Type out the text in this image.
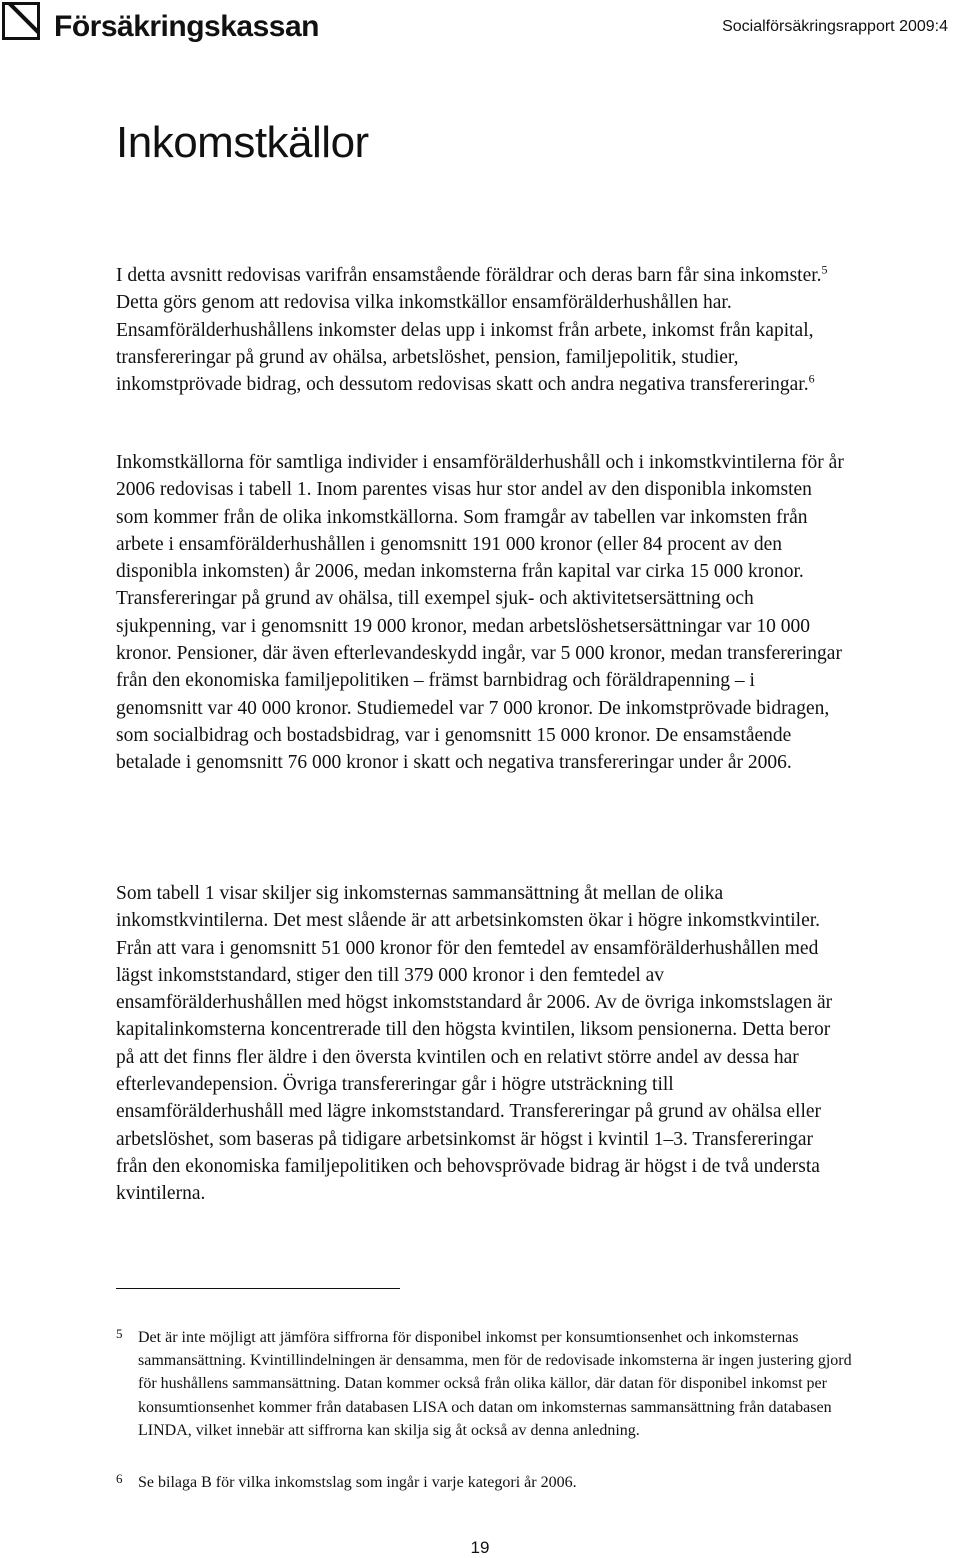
Försäkringskassan	Socialförsäkringsrapport 2009:4
Inkomstkällor

I detta avsnitt redovisas varifrån ensamstående föräldrar och deras barn får sina inkomster.$^5$ Detta görs genom att redovisa vilka inkomstkällor ensamförälderhushållen har. Ensamförälderhushållens inkomster delas upp i inkomst från arbete, inkomst från kapital, transfereringar på grund av ohälsa, arbetslöshet, pension, familjepolitik, studier, inkomstprövade bidrag, och dessutom redovisas skatt och andra negativa transfereringar.$^6$

Inkomstkällorna för samtliga individer i ensamförälderhushåll och i inkomstkvintilerna för år 2006 redovisas i tabell 1. Inom parentes visas hur stor andel av den disponibla inkomsten som kommer från de olika inkomstkällorna. Som framgår av tabellen var inkomsten från arbete i ensamförälderhushållen i genomsnitt 191 000 kronor (eller 84 procent av den disponibla inkomsten) år 2006, medan inkomsterna från kapital var cirka 15 000 kronor. Transfereringar på grund av ohälsa, till exempel sjuk- och aktivitetsersättning och sjukpenning, var i genomsnitt 19 000 kronor, medan arbetslöshetsersättningar var 10 000 kronor. Pensioner, där även efterlevandeskydd ingår, var 5 000 kronor, medan transfereringar från den ekonomiska familjepolitiken – främst barnbidrag och föräldrapenning – i genomsnitt var 40 000 kronor. Studiemedel var 7 000 kronor. De inkomstprövade bidragen, som socialbidrag och bostadsbidrag, var i genomsnitt 15 000 kronor. De ensamstående betalade i genomsnitt 76 000 kronor i skatt och negativa transfereringar under år 2006.

Som tabell 1 visar skiljer sig inkomsternas sammansättning åt mellan de olika inkomstkvintilerna. Det mest slående är att arbetsinkomsten ökar i högre inkomstkvintiler. Från att vara i genomsnitt 51 000 kronor för den femtedel av ensamförälderhushållen med lägst inkomststandard, stiger den till 379 000 kronor i den femtedel av ensamförälderhushållen med högst inkomststandard år 2006. Av de övriga inkomstslagen är kapitalinkomsterna koncentrerade till den högsta kvintilen, liksom pensionerna. Detta beror på att det finns fler äldre i den översta kvintilen och en relativt större andel av dessa har efterlevandepension. Övriga transfereringar går i högre utsträckning till ensamförälderhushåll med lägre inkomststandard. Transfereringar på grund av ohälsa eller arbetslöshet, som baseras på tidigare arbetsinkomst är högst i kvintil 1–3. Transfereringar från den ekonomiska familjepolitiken och behovsprövade bidrag är högst i de två understa kvintilerna.

5 Det är inte möjligt att jämföra siffrorna för disponibel inkomst per konsumtionsenhet och inkomsternas sammansättning. Kvintillindelningen är densamma, men för de redovisade inkomsterna är ingen justering gjord för hushållens sammansättning. Datan kommer också från olika källor, där datan för disponibel inkomst per konsumtionsenhet kommer från databasen LISA och datan om inkomsternas sammansättning från databasen LINDA, vilket innebär att siffrorna kan skilja sig åt också av denna anledning.

6 Se bilaga B för vilka inkomstslag som ingår i varje kategori år 2006.

19
